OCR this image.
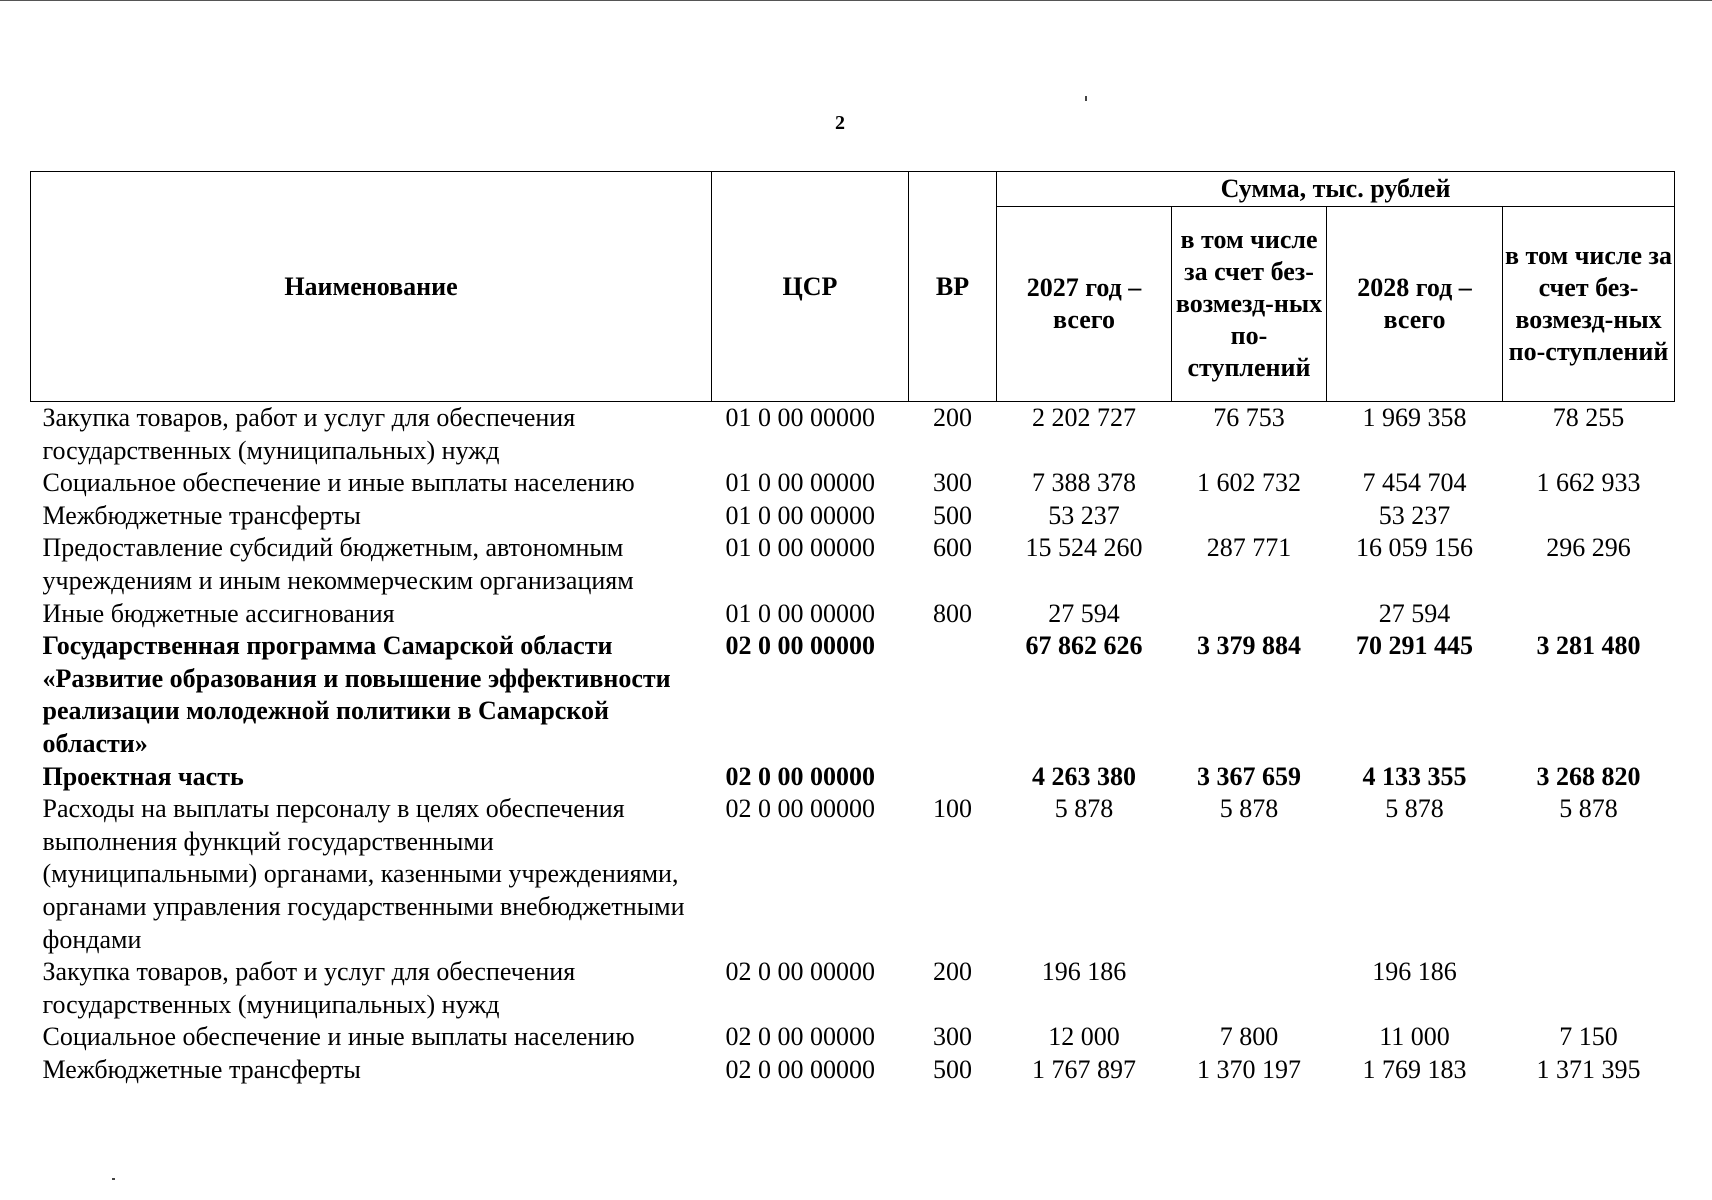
2
Наименование	ЦСР	ВР	Сумма, тыс. рублей			
			2027 год – всего	в том числе за счет без-возмезд-ных по-ступлений	2028 год – всего	в том числе за счет без-возмезд-ных по-ступлений
Закупка товаров, работ и услуг для обеспечения государственных (муниципальных) нужд	01 0 00 00000	200	2 202 727	76 753	1 969 358	78 255
Социальное обеспечение и иные выплаты населению	01 0 00 00000	300	7 388 378	1 602 732	7 454 704	1 662 933
Межбюджетные трансферты	01 0 00 00000	500	53 237		53 237	
Предоставление субсидий бюджетным, автономным учреждениям и иным некоммерческим организациям	01 0 00 00000	600	15 524 260	287 771	16 059 156	296 296
Иные бюджетные ассигнования	01 0 00 00000	800	27 594		27 594	
Государственная программа Самарской области «Развитие образования и повышение эффективности реализации молодежной политики в Самарской области»	02 0 00 00000		67 862 626	3 379 884	70 291 445	3 281 480
Проектная часть	02 0 00 00000		4 263 380	3 367 659	4 133 355	3 268 820
Расходы на выплаты персоналу в целях обеспечения выполнения функций государственными (муниципальными) органами, казенными учреждениями, органами управления государственными внебюджетными фондами	02 0 00 00000	100	5 878	5 878	5 878	5 878
Закупка товаров, работ и услуг для обеспечения государственных (муниципальных) нужд	02 0 00 00000	200	196 186		196 186	
Социальное обеспечение и иные выплаты населению	02 0 00 00000	300	12 000	7 800	11 000	7 150
Межбюджетные трансферты	02 0 00 00000	500	1 767 897	1 370 197	1 769 183	1 371 395
